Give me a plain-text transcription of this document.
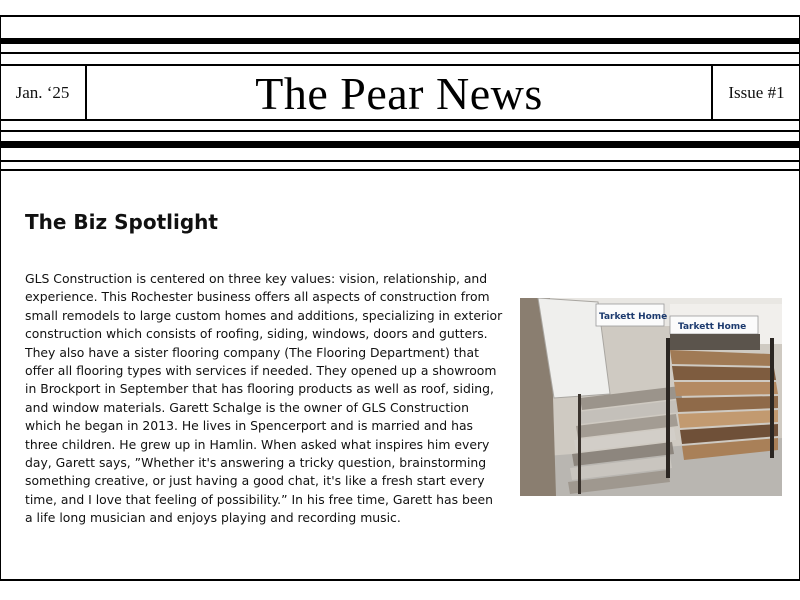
Jan. ‘25	The Pear News	Issue #1
The Biz Spotlight

GLS Construction is centered on three key values: vision, relationship, and experience. This Rochester business offers all aspects of construction from small remodels to large custom homes and additions, specializing in exterior construction which consists of roofing, siding, windows, doors and gutters. They also have a sister flooring company (The Flooring Department) that offer all flooring types with services if needed. They opened up a showroom in Brockport in September that has flooring products as well as roof, siding, and window materials. Garett Schalge is the owner of GLS Construction which he began in 2013. He lives in Spencerport and is married and has three children. He grew up in Hamlin. When asked what inspires him every day, Garett says, ”Whether it's answering a tricky question, brainstorming something creative, or just having a good chat, it's like a fresh start every time, and I love that feeling of possibility.” In his free time, Garett has been a life long musician and enjoys playing and recording music.

Tarkett Home
Tarkett Home
